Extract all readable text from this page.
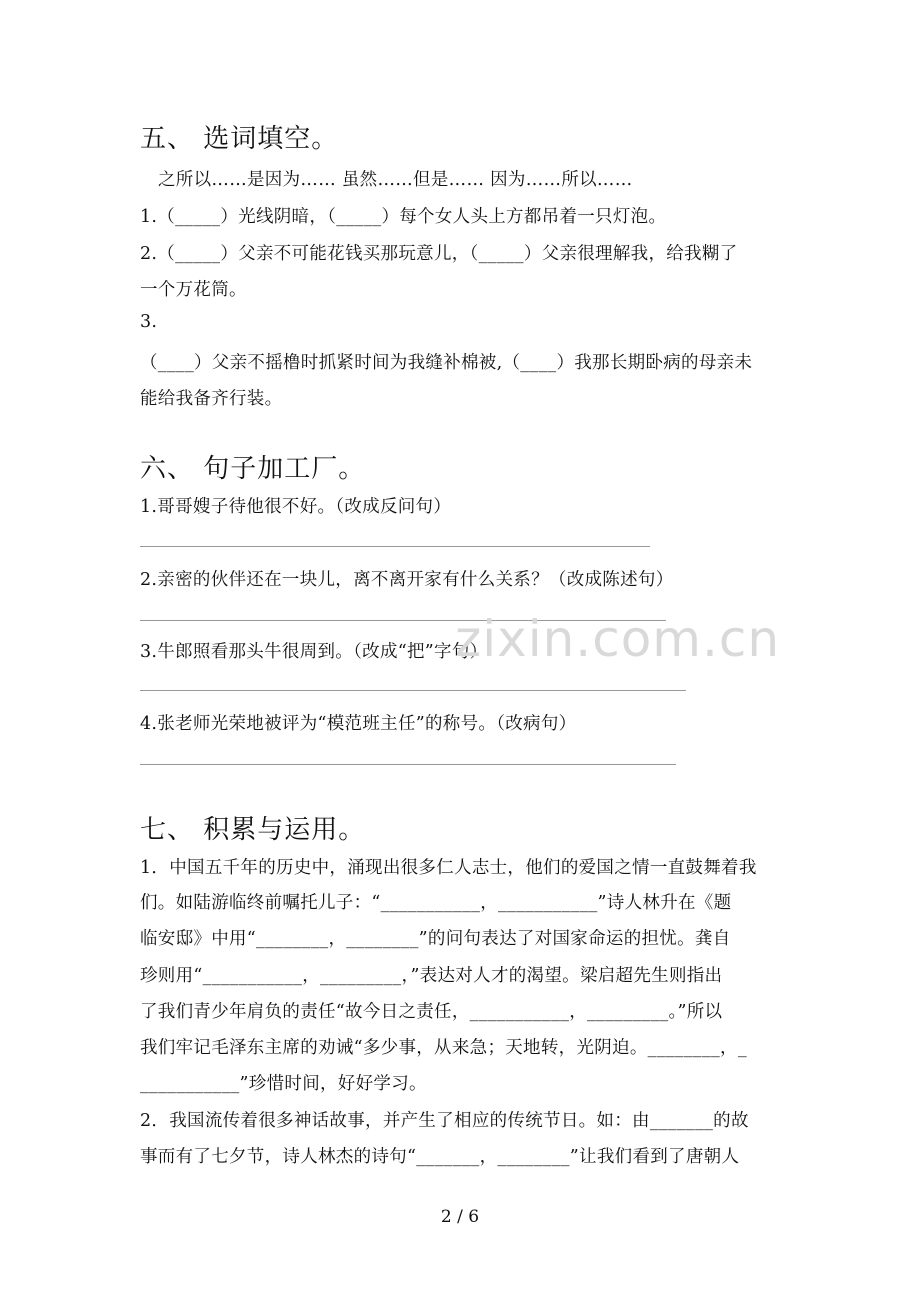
五、 选词填空。
之所以……是因为…… 虽然……但是…… 因为……所以……
1.（_____）光线阴暗，（_____）每个女人头上方都吊着一只灯泡。
2.（_____）父亲不可能花钱买那玩意儿，（_____）父亲很理解我，给我糊了
一个万花筒。
3.
（____）父亲不摇橹时抓紧时间为我缝补棉被,（____）我那长期卧病的母亲未
能给我备齐行装。
六、 句子加工厂。
1.哥哥嫂子待他很不好。（改成反问句）
2.亲密的伙伴还在一块儿，离不离开家有什么关系？（改成陈述句）
3.牛郎照看那头牛很周到。（改成“把”字句）
4.张老师光荣地被评为“模范班主任”的称号。（改病句）
zixin.com.cn
七、 积累与运用。
1．中国五千年的历史中，涌现出很多仁人志士，他们的爱国之情一直鼓舞着我
们。如陆游临终前嘱托儿子：“___________，___________”诗人林升在《题
临安邸》中用“________，________”的问句表达了对国家命运的担忧。龚自
珍则用“___________，_________，”表达对人才的渴望。梁启超先生则指出
了我们青少年肩负的责任“故今日之责任，___________，_________。”所以
我们牢记毛泽东主席的劝诫“多少事，从来急；天地转，光阴迫。________，_
___________”珍惜时间，好好学习。
2．我国流传着很多神话故事，并产生了相应的传统节日。如：由_______的故
事而有了七夕节，诗人林杰的诗句“_______，________”让我们看到了唐朝人
2 / 6
